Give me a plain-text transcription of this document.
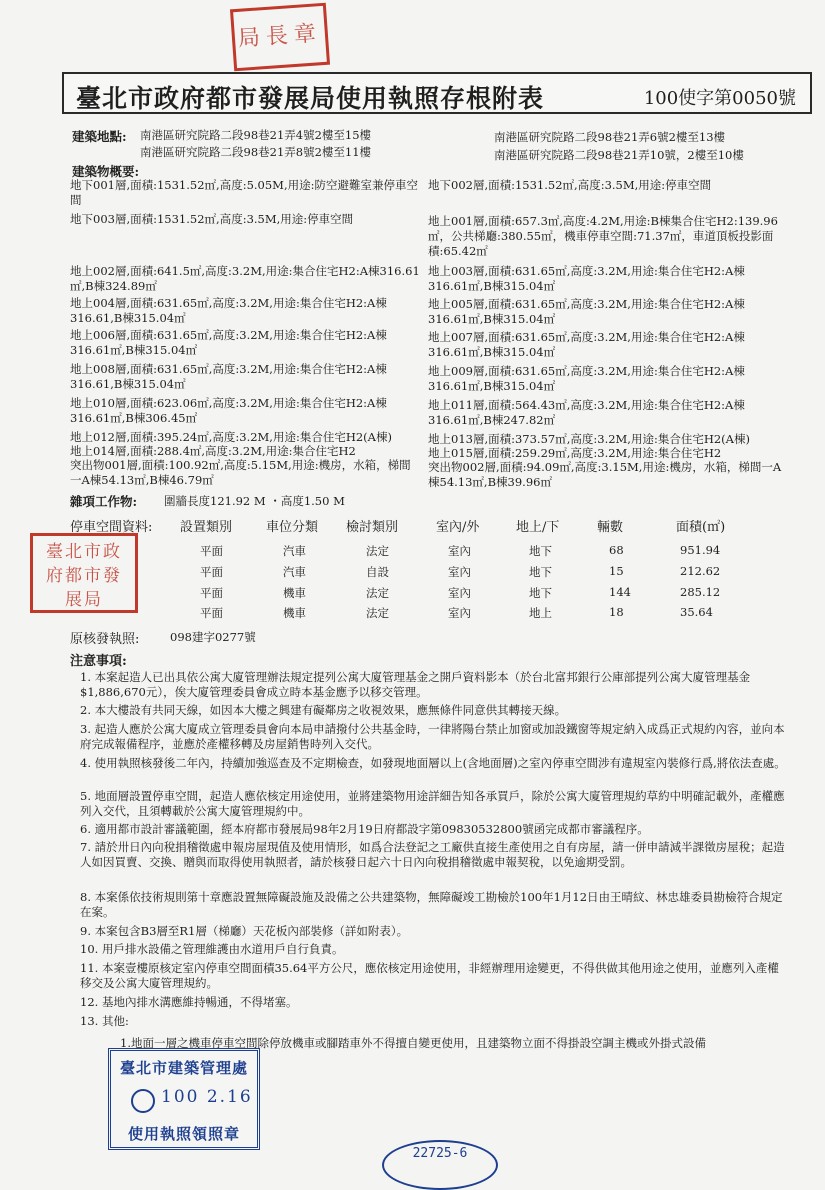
局長章
臺北市政府都市發展局使用執照存根附表	100使字第0050號
建築地點: 南港區研究院路二段98巷21弄4號2樓至15樓	南港區研究院路二段98巷21弄6號2樓至13樓
南港區研究院路二段98巷21弄8號2樓至11樓	南港區研究院路二段98巷21弄10號，2樓至10樓
建築物概要:
地下001層,面積:1531.52㎡,高度:5.05M,用途:防空避難室兼停車空間
地下003層,面積:1531.52㎡,高度:3.5M,用途:停車空間
地上002層,面積:641.5㎡,高度:3.2M,用途:集合住宅H2:A棟316.61㎡,B棟324.89㎡
地上004層,面積:631.65㎡,高度:3.2M,用途:集合住宅H2:A棟316.61,B棟315.04㎡
地上006層,面積:631.65㎡,高度:3.2M,用途:集合住宅H2:A棟316.61㎡,B棟315.04㎡
地上008層,面積:631.65㎡,高度:3.2M,用途:集合住宅H2:A棟316.61,B棟315.04㎡
地上010層,面積:623.06㎡,高度:3.2M,用途:集合住宅H2:A棟316.61㎡,B棟306.45㎡
地上012層,面積:395.24㎡,高度:3.2M,用途:集合住宅H2(A棟)
地上014層,面積:288.4㎡,高度:3.2M,用途:集合住宅H2
突出物001層,面積:100.92㎡,高度:5.15M,用途:機房，水箱，梯間一A棟54.13㎡,B棟46.79㎡
地下002層,面積:1531.52㎡,高度:3.5M,用途:停車空間
地上001層,面積:657.3㎡,高度:4.2M,用途:B棟集合住宅H2:139.96㎡，公共梯廳:380.55㎡，機車停車空間:71.37㎡，車道頂板投影面積:65.42㎡
地上003層,面積:631.65㎡,高度:3.2M,用途:集合住宅H2:A棟316.61㎡,B棟315.04㎡
地上005層,面積:631.65㎡,高度:3.2M,用途:集合住宅H2:A棟316.61㎡,B棟315.04㎡
地上007層,面積:631.65㎡,高度:3.2M,用途:集合住宅H2:A棟316.61㎡,B棟315.04㎡
地上009層,面積:631.65㎡,高度:3.2M,用途:集合住宅H2:A棟316.61㎡,B棟315.04㎡
地上011層,面積:564.43㎡,高度:3.2M,用途:集合住宅H2:A棟316.61㎡,B棟247.82㎡
地上013層,面積:373.57㎡,高度:3.2M,用途:集合住宅H2(A棟)
地上015層,面積:259.29㎡,高度:3.2M,用途:集合住宅H2
突出物002層,面積:94.09㎡,高度:3.15M,用途:機房，水箱，梯間一A棟54.13㎡,B棟39.96㎡
雜項工作物: 圍牆長度121.92 M ・高度1.50 M
停車空間資料: 設置類別	車位分類 檢討類別	室內/外	地上/下	輛數	面積(㎡)
平面	汽車	法定	室內	地下	68	951.94
平面	汽車	自設	室內	地下	15	212.62
平面	機車	法定	室內	地下	144	285.12
平面	機車	法定	室內	地上	18	35.64
臺北市政府都市發展局
原核發執照:	098建字0277號
注意事項:
1. 本案起造人已出具依公寓大廈管理辦法規定提列公寓大廈管理基金之開戶資料影本（於台北富邦銀行公庫部提列公寓大廈管理基金$1,886,670元），俟大廈管理委員會成立時本基金應予以移交管理。
2. 本大樓設有共同天線，如因本大樓之興建有礙鄰房之收視效果，應無條件同意供其轉接天線。
3. 起造人應於公寓大廈成立管理委員會向本局申請撥付公共基金時，一律將陽台禁止加窗或加設鐵窗等規定納入成爲正式規約內容，並向本府完成報備程序，並應於產權移轉及房屋銷售時列入交代。
4. 使用執照核發後二年內，持續加強巡查及不定期檢查，如發現地面層以上(含地面層)之室內停車空間涉有違規室內裝修行爲,將依法查處。
5. 地面層設置停車空間，起造人應依核定用途使用，並將建築物用途詳細告知各承買戶，除於公寓大廈管理規約草約中明確記載外，產權應列入交代，且須轉載於公寓大廈管理規約中。
6. 適用都市設計審議範圍，經本府都市發展局98年2月19日府都設字第09830532800號函完成都市審議程序。
7. 請於卅日內向稅捐稽徵處申報房屋現值及使用情形，如爲合法登記之工廠供直接生產使用之自有房屋，請一併申請減半課徵房屋稅；起造人如因買賣、交換、贈與而取得使用執照者，請於核發日起六十日內向稅捐稽徵處申報契稅，以免逾期受罰。
8. 本案係依技術規則第十章應設置無障礙設施及設備之公共建築物，無障礙竣工勘檢於100年1月12日由王晴紋、林忠雄委員勘檢符合規定在案。
9. 本案包含B3層至R1層（梯廳）天花板內部裝修（詳如附表）。
10. 用戶排水設備之管理維護由水道用戶自行負責。
11. 本案壹樓原核定室內停車空間面積35.64平方公尺，應依核定用途使用，非經辦理用途變更，不得供做其他用途之使用，並應列入產權移交及公寓大廈管理規約。
12. 基地內排水溝應維持暢通，不得堵塞。
13. 其他:
1.地面一層之機車停車空間除停放機車或腳踏車外不得擅自變更使用，且建築物立面不得掛設空調主機或外掛式設備
臺北市建築管理處
100 2.16
使用執照領照章
22725-6
